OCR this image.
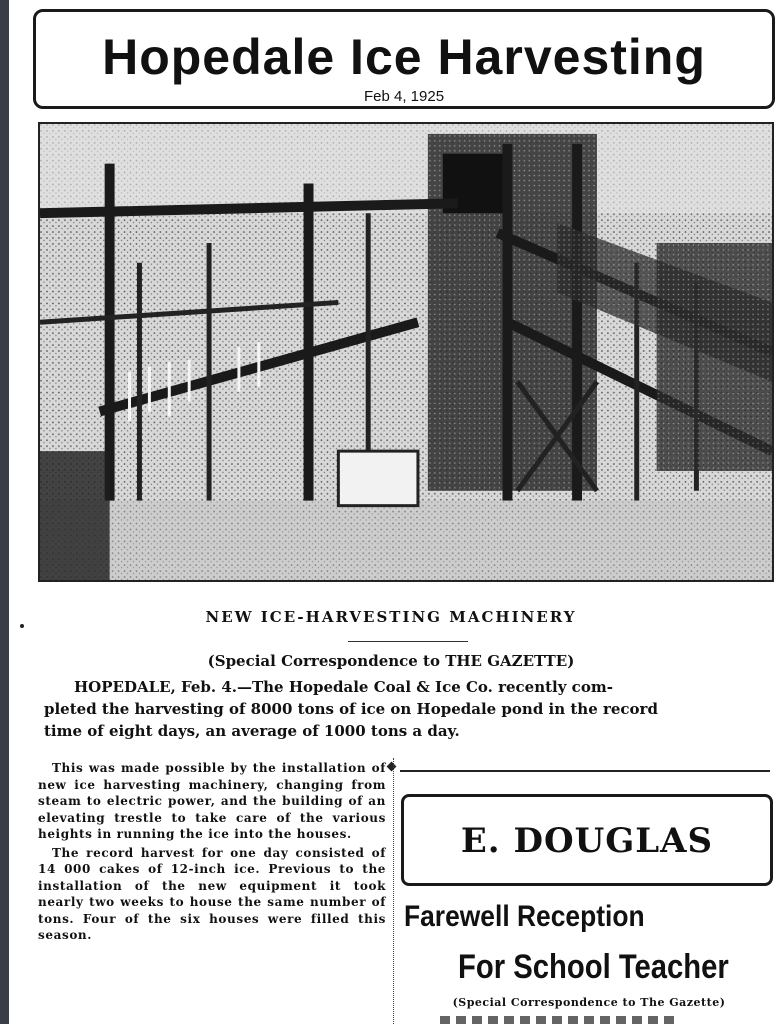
Hopedale Ice Harvesting
Feb 4, 1925
NEW ICE-HARVESTING MACHINERY
(Special Correspondence to THE GAZETTE)
HOPEDALE, Feb. 4.—The Hopedale Coal & Ice Co. recently com-
pleted the harvesting of 8000 tons of ice on Hopedale pond in the record
time of eight days, an average of 1000 tons a day.

This was made possible by the installation of new ice harvesting machinery, changing from steam to electric power, and the building of an elevating trestle to take care of the various heights in running the ice into the houses.

The record harvest for one day consisted of 14 000 cakes of 12-inch ice. Previous to the installation of the new equipment it took nearly two weeks to house the same number of tons. Four of the six houses were filled this season.

E. DOUGLAS
Farewell Reception
For School Teacher
(Special Correspondence to The Gazette)
